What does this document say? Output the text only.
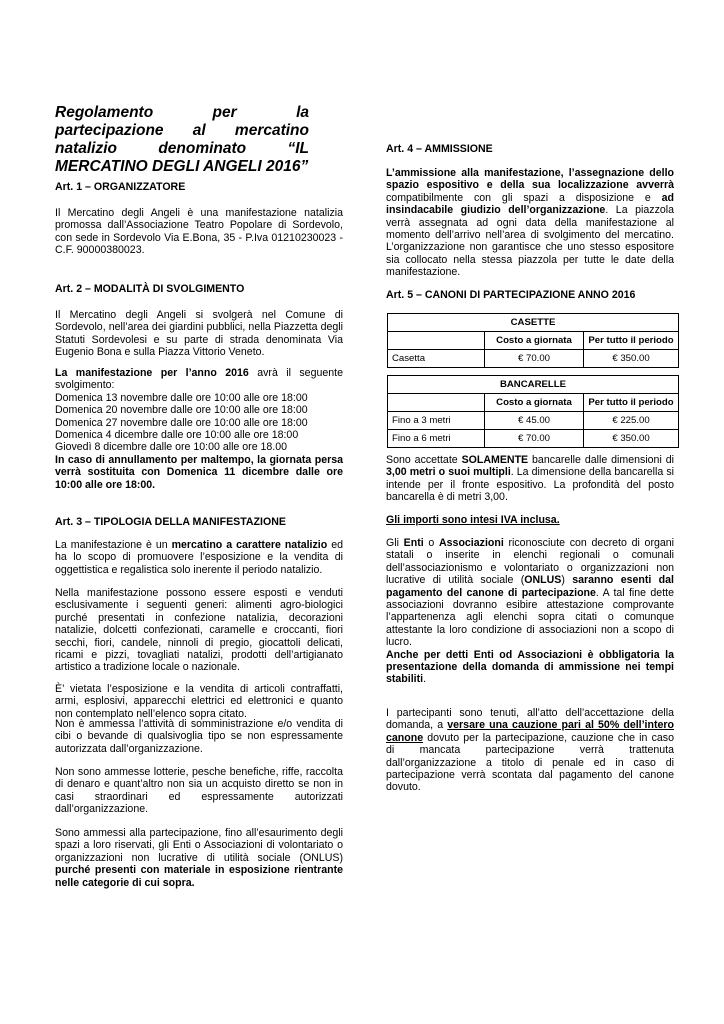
Regolamento per la partecipazione al mercatino natalizio denominato “IL MERCATINO DEGLI ANGELI 2016”

Art. 1 – ORGANIZZATORE

Il Mercatino degli Angeli è una manifestazione natalizia promossa dall’Associazione Teatro Popolare di Sordevolo, con sede in Sordevolo Via E.Bona, 35 - P.Iva 01210230023 - C.F. 90000380023.

Art. 2 – MODALITÀ DI SVOLGIMENTO

Il Mercatino degli Angeli si svolgerà nel Comune di Sordevolo, nell’area dei giardini pubblici, nella Piazzetta degli Statuti Sordevolesi e su parte di strada denominata Via Eugenio Bona e sulla Piazza Vittorio Veneto.

La manifestazione per l’anno 2016 avrà il seguente svolgimento:
Domenica 13 novembre dalle ore 10:00 alle ore 18:00
Domenica 20 novembre dalle ore 10:00 alle ore 18:00
Domenica 27 novembre dalle ore 10:00 alle ore 18:00
Domenica 4 dicembre dalle ore 10:00 alle ore 18:00
Giovedì 8 dicembre dalle ore 10:00 alle ore 18.00
In caso di annullamento per maltempo, la giornata persa verrà sostituita con Domenica 11 dicembre dalle ore 10:00 alle ore 18:00.

Art. 3 – TIPOLOGIA DELLA MANIFESTAZIONE

La manifestazione è un mercatino a carattere natalizio ed ha lo scopo di promuovere l’esposizione e la vendita di oggettistica e regalistica solo inerente il periodo natalizio.

Nella manifestazione possono essere esposti e venduti esclusivamente i seguenti generi: alimenti agro-biologici purché presentati in confezione natalizia, decorazioni natalizie, dolcetti confezionati, caramelle e croccanti, fiori secchi, fiori, candele, ninnoli di pregio, giocattoli delicati, ricami e pizzi, tovagliati natalizi, prodotti dell’artigianato artistico a tradizione locale o nazionale.

È’ vietata l’esposizione e la vendita di articoli contraffatti, armi, esplosivi, apparecchi elettrici ed elettronici e quanto non contemplato nell’elenco sopra citato.

Non è ammessa l’attività di somministrazione e/o vendita di cibi o bevande di qualsivoglia tipo se non espressamente autorizzata dall’organizzazione.

Non sono ammesse lotterie, pesche benefiche, riffe, raccolta di denaro e quant’altro non sia un acquisto diretto se non in casi straordinari ed espressamente autorizzati dall’organizzazione.

Sono ammessi alla partecipazione, fino all’esaurimento degli spazi a loro riservati, gli Enti o Associazioni di volontariato o organizzazioni non lucrative di utilità sociale (ONLUS) purché presenti con materiale in esposizione rientrante nelle categorie di cui sopra.

Art. 4 – AMMISSIONE

L’ammissione alla manifestazione, l’assegnazione dello spazio espositivo e della sua localizzazione avverrà compatibilmente con gli spazi a disposizione e ad insindacabile giudizio dell’organizzazione. La piazzola verrà assegnata ad ogni data della manifestazione al momento dell’arrivo nell’area di svolgimento del mercatino. L’organizzazione non garantisce che uno stesso espositore sia collocato nella stessa piazzola per tutte le date della manifestazione.

Art. 5 – CANONI DI PARTECIPAZIONE ANNO 2016

CASETTE		
	Costo a giornata	Per tutto il periodo
Casetta	€ 70.00	€ 350.00
BANCARELLE		
	Costo a giornata	Per tutto il periodo
Fino a 3 metri	€ 45.00	€ 225.00
Fino a 6 metri	€ 70.00	€ 350.00

Sono accettate SOLAMENTE bancarelle dalle dimensioni di 3,00 metri o suoi multipli. La dimensione della bancarella si intende per il fronte espositivo. La profondità del posto bancarella è di metri 3,00.

Gli importi sono intesi IVA inclusa.

Gli Enti o Associazioni riconosciute con decreto di organi statali o inserite in elenchi regionali o comunali dell’associazionismo e volontariato o organizzazioni non lucrative di utilità sociale (ONLUS) saranno esenti dal pagamento del canone di partecipazione. A tal fine dette associazioni dovranno esibire attestazione comprovante l’appartenenza agli elenchi sopra citati o comunque attestante la loro condizione di associazioni non a scopo di lucro.
Anche per detti Enti od Associazioni è obbligatoria la presentazione della domanda di ammissione nei tempi stabiliti.

I partecipanti sono tenuti, all’atto dell’accettazione della domanda, a versare una cauzione pari al 50% dell’intero canone dovuto per la partecipazione, cauzione che in caso di mancata partecipazione verrà trattenuta dall’organizzazione a titolo di penale ed in caso di partecipazione verrà scontata dal pagamento del canone dovuto.
